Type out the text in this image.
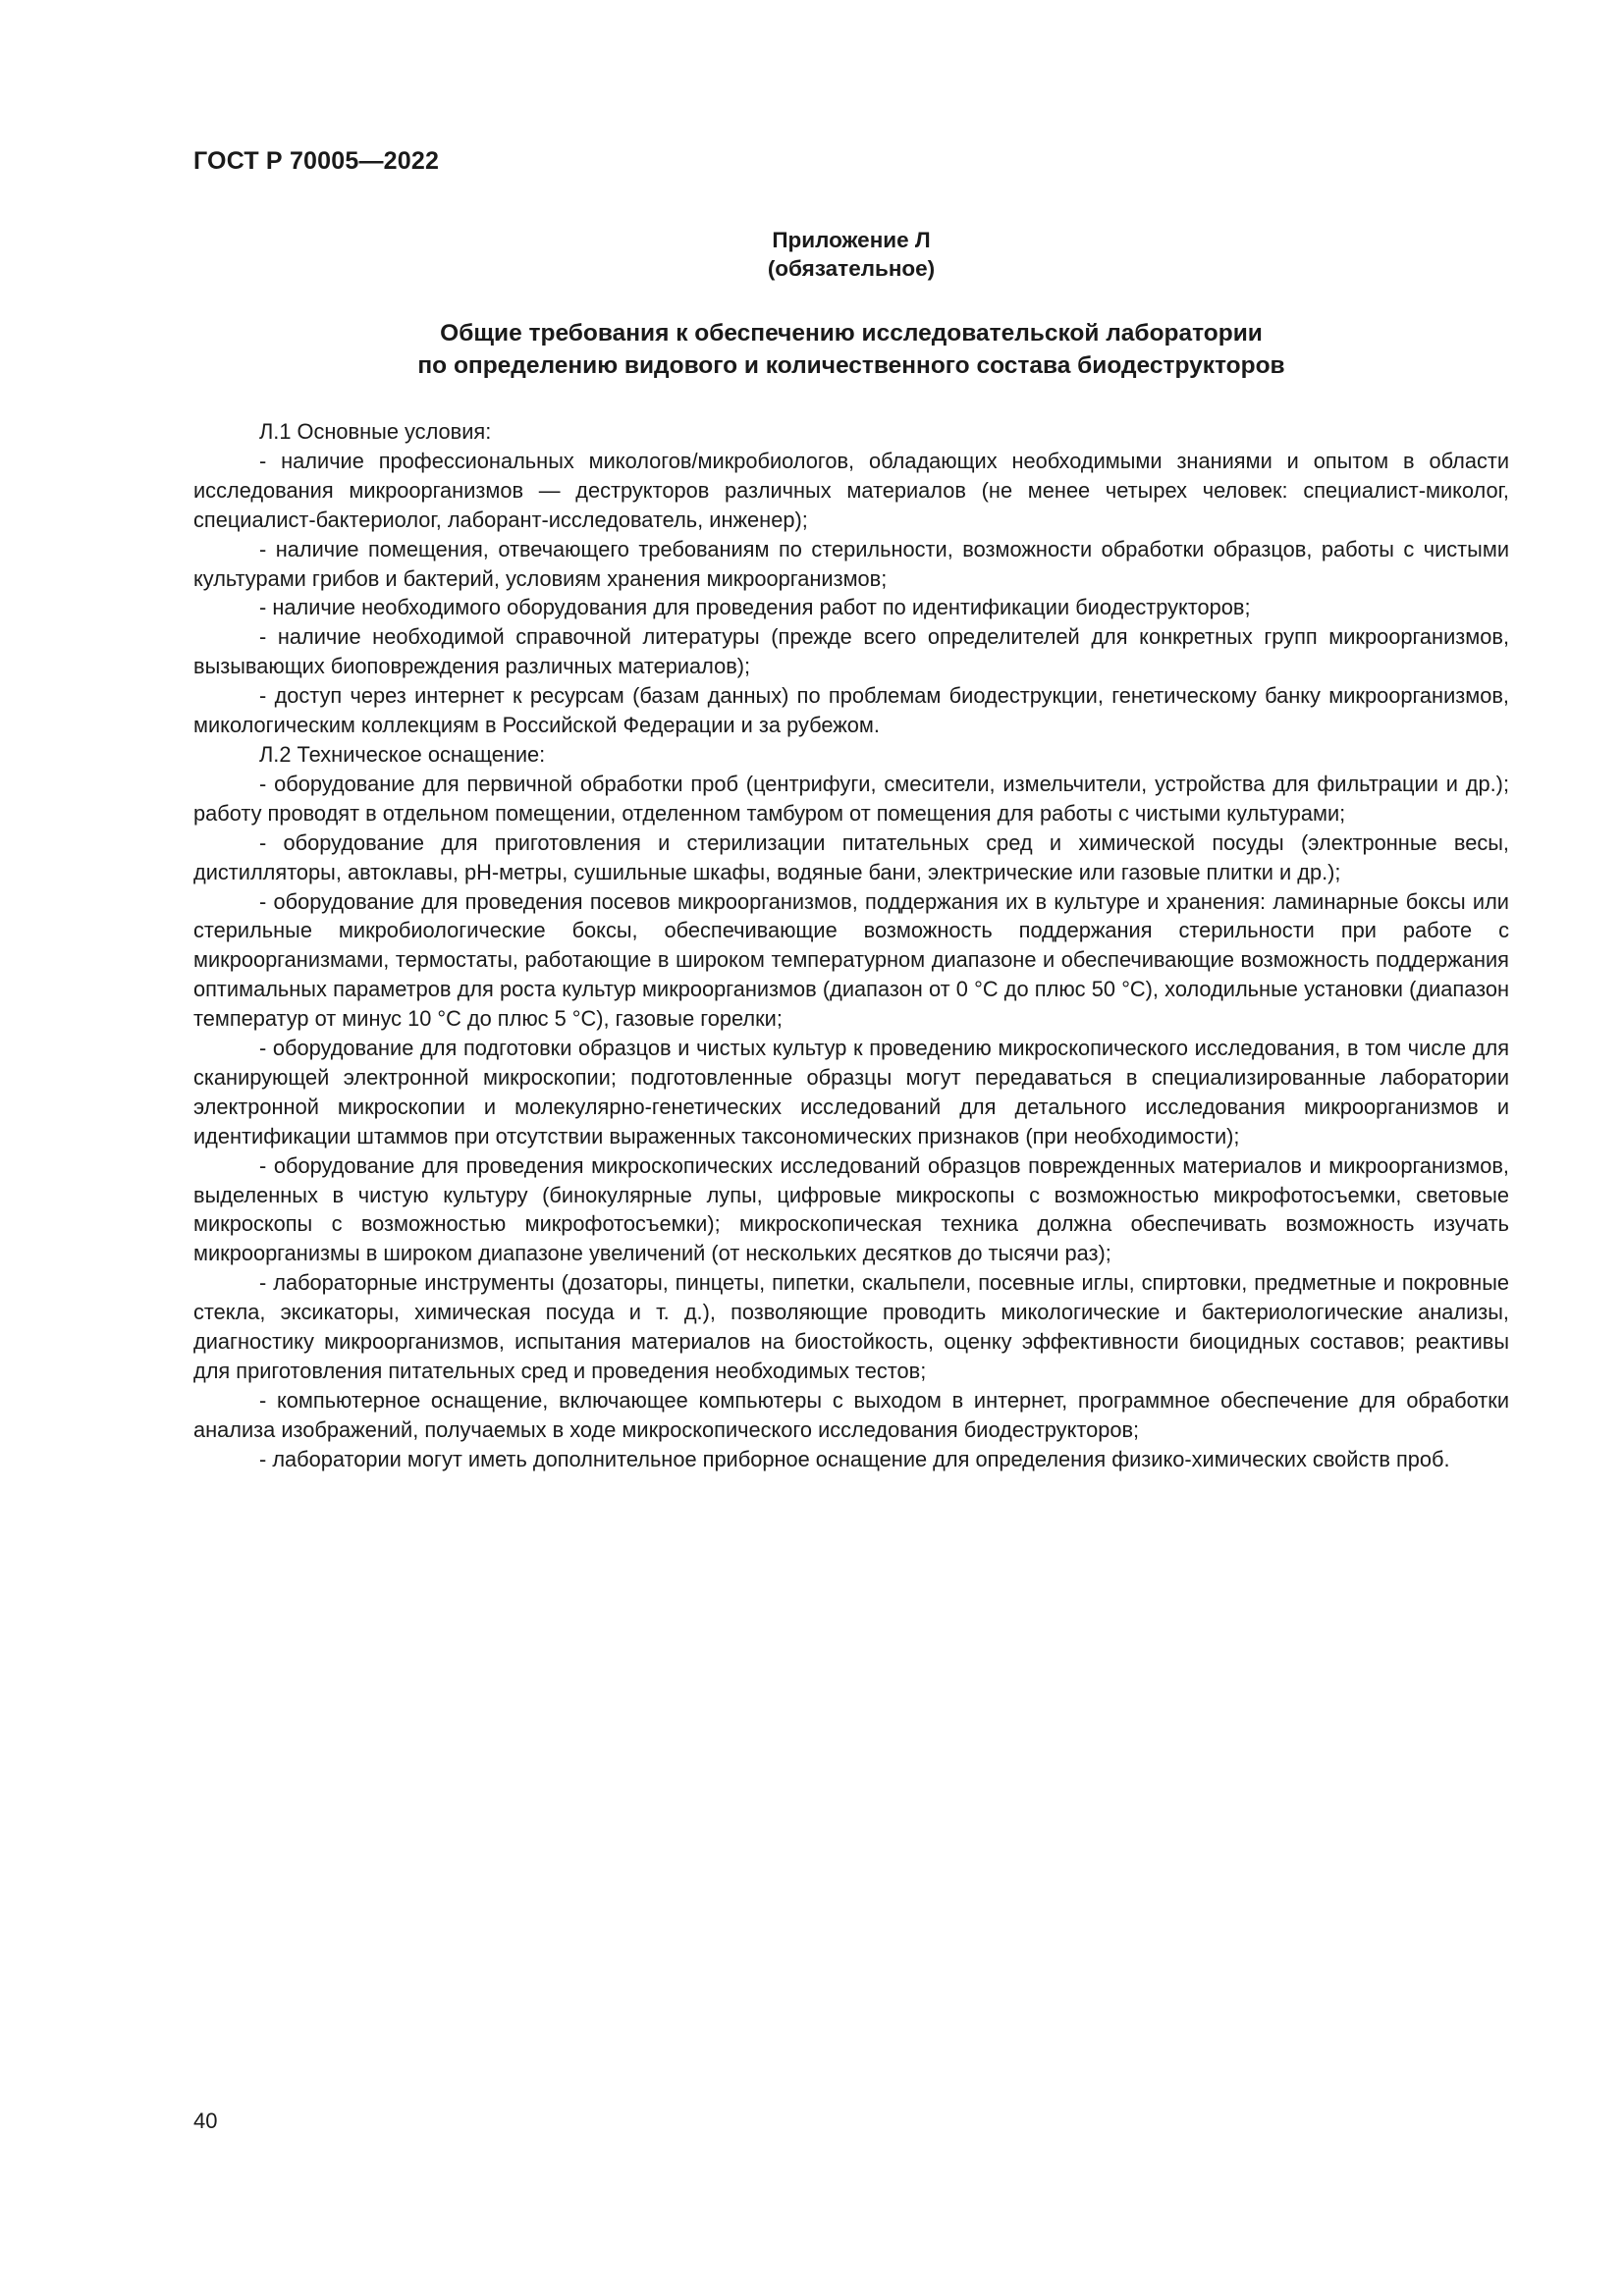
ГОСТ Р 70005—2022
Приложение Л
(обязательное)
Общие требования к обеспечению исследовательской лаборатории
по определению видового и количественного состава биодеструкторов

Л.1 Основные условия:

- наличие профессиональных микологов/микробиологов, обладающих необходимыми знаниями и опытом в области исследования микроорганизмов — деструкторов различных материалов (не менее четырех человек: специалист-миколог, специалист-бактериолог, лаборант-исследователь, инженер);

- наличие помещения, отвечающего требованиям по стерильности, возможности обработки образцов, работы с чистыми культурами грибов и бактерий, условиям хранения микроорганизмов;

- наличие необходимого оборудования для проведения работ по идентификации биодеструкторов;

- наличие необходимой справочной литературы (прежде всего определителей для конкретных групп микроорганизмов, вызывающих биоповреждения различных материалов);

- доступ через интернет к ресурсам (базам данных) по проблемам биодеструкции, генетическому банку микроорганизмов, микологическим коллекциям в Российской Федерации и за рубежом.

Л.2 Техническое оснащение:

- оборудование для первичной обработки проб (центрифуги, смесители, измельчители, устройства для фильтрации и др.); работу проводят в отдельном помещении, отделенном тамбуром от помещения для работы с чистыми культурами;

- оборудование для приготовления и стерилизации питательных сред и химической посуды (электронные весы, дистилляторы, автоклавы, pH-метры, сушильные шкафы, водяные бани, электрические или газовые плитки и др.);

- оборудование для проведения посевов микроорганизмов, поддержания их в культуре и хранения: ламинарные боксы или стерильные микробиологические боксы, обеспечивающие возможность поддержания стерильности при работе с микроорганизмами, термостаты, работающие в широком температурном диапазоне и обеспечивающие возможность поддержания оптимальных параметров для роста культур микроорганизмов (диапазон от 0 °С до плюс 50 °С), холодильные установки (диапазон температур от минус 10 °С до плюс 5 °С), газовые горелки;

- оборудование для подготовки образцов и чистых культур к проведению микроскопического исследования, в том числе для сканирующей электронной микроскопии; подготовленные образцы могут передаваться в специализированные лаборатории электронной микроскопии и молекулярно-генетических исследований для детального исследования микроорганизмов и идентификации штаммов при отсутствии выраженных таксономических признаков (при необходимости);

- оборудование для проведения микроскопических исследований образцов поврежденных материалов и микроорганизмов, выделенных в чистую культуру (бинокулярные лупы, цифровые микроскопы с возможностью микрофотосъемки, световые микроскопы с возможностью микрофотосъемки); микроскопическая техника должна обеспечивать возможность изучать микроорганизмы в широком диапазоне увеличений (от нескольких десятков до тысячи раз);

- лабораторные инструменты (дозаторы, пинцеты, пипетки, скальпели, посевные иглы, спиртовки, предметные и покровные стекла, эксикаторы, химическая посуда и т. д.), позволяющие проводить микологические и бактериологические анализы, диагностику микроорганизмов, испытания материалов на биостойкость, оценку эффективности биоцидных составов; реактивы для приготовления питательных сред и проведения необходимых тестов;

- компьютерное оснащение, включающее компьютеры с выходом в интернет, программное обеспечение для обработки анализа изображений, получаемых в ходе микроскопического исследования биодеструкторов;

- лаборатории могут иметь дополнительное приборное оснащение для определения физико-химических свойств проб.

40
